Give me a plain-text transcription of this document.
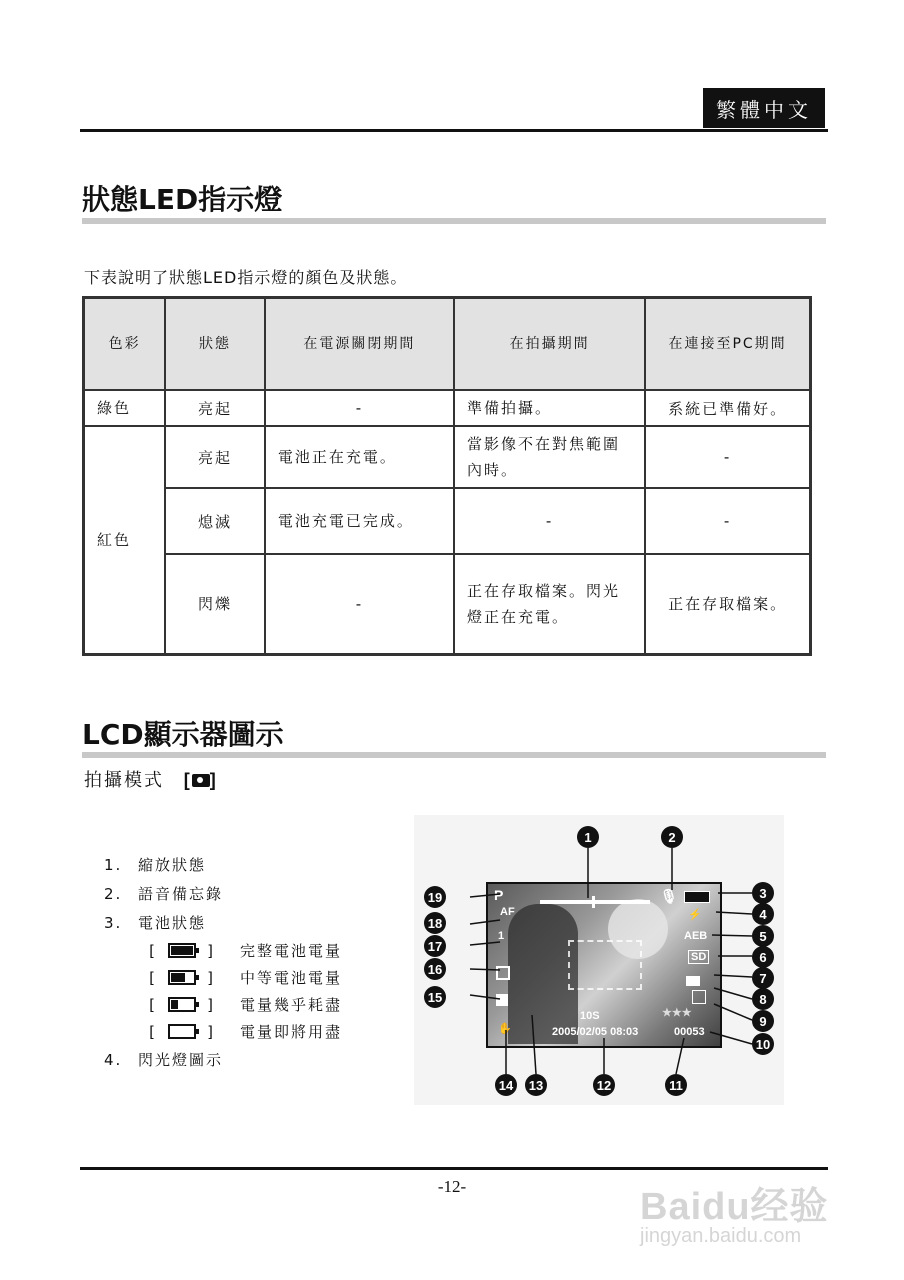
繁體中文
狀態LED指示燈
下表說明了狀態LED指示燈的顏色及狀態。
色彩	狀態	在電源關閉期間	在拍攝期間	在連接至PC期間
綠色	亮起	-	準備拍攝。	系統已準備好。
紅色	亮起	電池正在充電。	當影像不在對焦範圍內時。	-
	熄滅	電池充電已完成。	-	-
	閃爍	-	正在存取檔案。閃光燈正在充電。	正在存取檔案。
LCD顯示器圖示
拍攝模式 [ ]
1.	縮放狀態
2.	語音備忘錄
3.	電池狀態
[	]	完整電池電量
[	]	中等電池電量
[	]	電量幾乎耗盡
[	]	電量即將用盡
4.	閃光燈圖示
P	🎙
⚡
AEB
SD
★★★
AF
1
✋
10S
2005/02/05 08:03	00053
1	2
3
4
5
6
7
8
9
10
11
12
13
14
15
16
17
18
19
-12-	Baidu经验
jingyan.baidu.com
